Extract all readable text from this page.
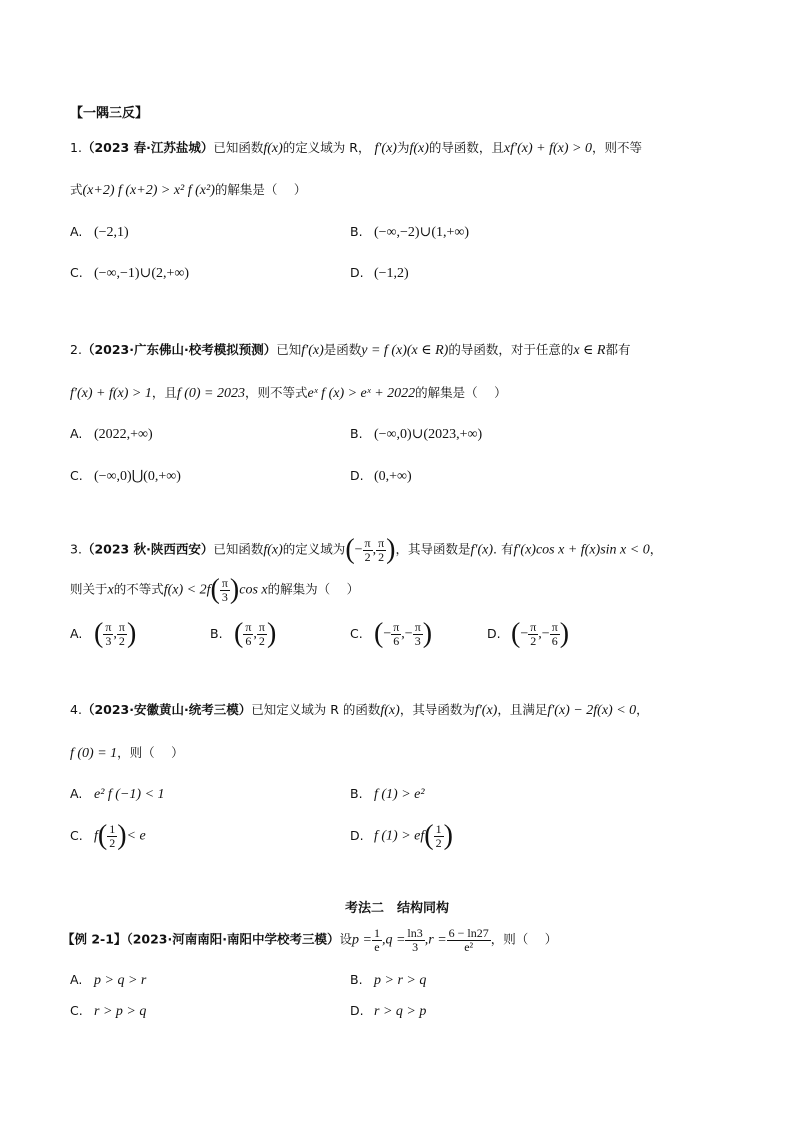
【一隅三反】
1.（2023 春·江苏盐城）已知函数f(x)的定义域为 R， f′(x)为f(x)的导函数，且xf′(x) + f(x) > 0，则不等
式(x+2) f (x+2) > x² f (x²)的解集是（　 ）
A. (−2,1)	B. (−∞,−2)∪(1,+∞)
C. (−∞,−1)∪(2,+∞)	D. (−1,2)
2.（2023·广东佛山·校考模拟预测）已知f′(x)是函数y = f (x)(x ∈ R)的导函数，对于任意的x ∈ R都有
f′(x) + f(x) > 1，且f (0) = 2023，则不等式eˣ f (x) > eˣ + 2022的解集是（　 ）
A. (2022,+∞)	B. (−∞,0)∪(2023,+∞)
C. (−∞,0)⋃(0,+∞)	D. (0,+∞)
3.（2023 秋·陕西西安）已知函数f(x)的定义域为(− $\frac{\pi}{2}$ , $\frac{\pi}{2}$ )，其导函数是f′(x). 有f′(x)cos x + f(x)sin x < 0，
则关于x的不等式$f(x) < 2f( \frac{\pi}{3} )\cos$ x的解集为（　 ）
A. ( $\frac{\pi}{3}$ , $\frac{\pi}{2}$ )	B. ( $\frac{\pi}{6}$ , $\frac{\pi}{2}$ )	C. (− $\frac{\pi}{6}$ ,− $\frac{\pi}{3}$ )	D. (− $\frac{\pi}{2}$ ,− $\frac{\pi}{6}$ )
4.（2023·安徽黄山·统考三模）已知定义域为 R 的函数f(x)，其导函数为f′(x)，且满足f′(x) − 2f(x) < 0，
f (0) = 1，则（　 ）
A. e² f (−1) < 1	B. f (1) > e²
C. $f( \frac{1}{2}$ )< e	D. f $(1) > ef( \frac{1}{2}$ )
考法二　结构同构
【例 2-1】（2023·河南南阳·南阳中学校考三模）设$p = \frac{1}{e} ,q = \frac{\ln 3}{3} ,r = \frac{6 - \ln 27}{\text{e²}}$ ，则（　 ）
A. p > q > r	B. p > r > q
C. r > p > q	D. r > q > p
